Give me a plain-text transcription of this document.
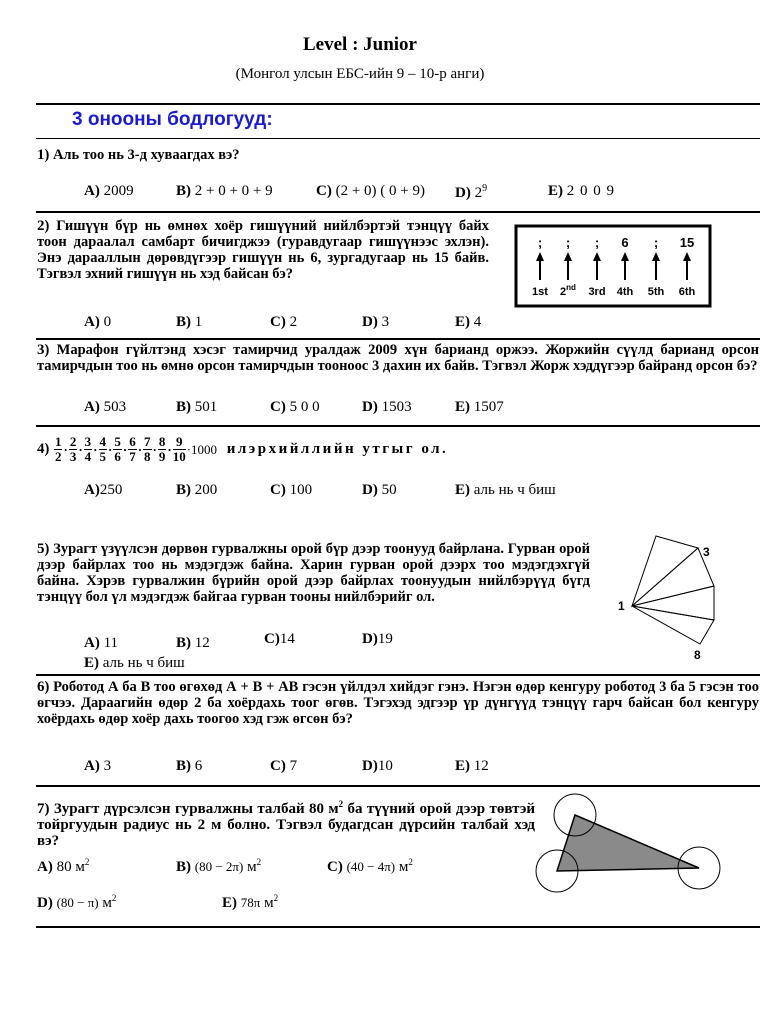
Level : Junior
(Монгол улсын ЕБС-ийн 9 – 10-р анги)
3 онооны бодлогууд:
1) Аль тоо нь 3-д хуваагдах вэ?
A) 2009	B) 2 + 0 + 0 + 9	C) (2 + 0) ( 0 + 9) D) $2^9$	E) 2 0 0 9
2) Гишүүн бүр нь өмнөх хоёр гишүүний нийлбэртэй тэнцүү байх тоон дараалал самбарт бичигджээ (гуравдугаар гишүүнээс эхлэн). Энэ дарааллын дөрөвдүгээр гишүүн нь 6, зургадугаар нь 15 байв. Тэгвэл эхний гишүүн нь хэд байсан бэ?
;
1st
;
2nd
;
3rd
6
4th
;
5th
15
6th
A) 0	B) 1	C) 2	D) 3	E) 4
3) Марафон гүйлтэнд хэсэг тамирчид уралдаж 2009 хүн барианд оржээ. Жоржийн сүүлд барианд орсон тамирчдын тоо нь өмнө орсон тамирчдын тооноос 3 дахин их байв. Тэгвэл Жорж хэддүгээр байранд орсон бэ?
A) 503	B) 501	C) 5 0 0	D) 1503	E) 1507
$4) \frac{1}{2} \cdot \frac{2}{3} \cdot \frac{3}{4} \cdot \frac{4}{5} \cdot \frac{5}{6} \cdot \frac{6}{7} \cdot \frac{7}{8} \cdot \frac{8}{9} \cdot \frac{9}{10} \cdot 1000$ илэрхийллийн утгыг ол.
A)250	B) 200	C) 100	D) 50	E) аль нь ч биш
5) Зурагт үзүүлсэн дөрвөн гурвалжны орой бүр дээр тоонууд байрлана. Гурван орой дээр байрлах тоо нь мэдэгдэж байна. Харин гурван орой дээрх тоо мэдэгдэхгүй байна. Хэрэв гурвалжин бүрийн орой дээр байрлах тоонуудын нийлбэрүүд бүгд тэнцүү бол үл мэдэгдэж байгаа гурван тооны нийлбэрийг ол.
3
1
8
A) 11	B) 12	C)14	D)19
E) аль нь ч биш
6) Роботод А ба В тоо өгөхөд А + В + АВ гэсэн үйлдэл хийдэг гэнэ. Нэгэн өдөр кенгуру роботод 3 ба 5 гэсэн тоо өгчээ. Дараагийн өдөр 2 ба хоёрдахь тоог өгөв. Тэгэхэд эдгээр үр дүнгүүд тэнцүү гарч байсан бол кенгуру хоёрдахь өдөр хоёр дахь тоогоо хэд гэж өгсөн бэ?
A) 3	B) 6	C) 7	D)10	E) 12
7) Зурагт дүрсэлсэн гурвалжны талбай 80 $м^2$ ба түүний орой дээр төвтэй тойргуудын радиус нь 2 м болно. Тэгвэл будагдсан дүрсийн талбай хэд вэ?
A) 80 $м^2$	B) (80 − 2π) $м^2$	C) (40 − 4π) $м^2$
D) (80 − π) $м^2$	E) 78π $м^2$
